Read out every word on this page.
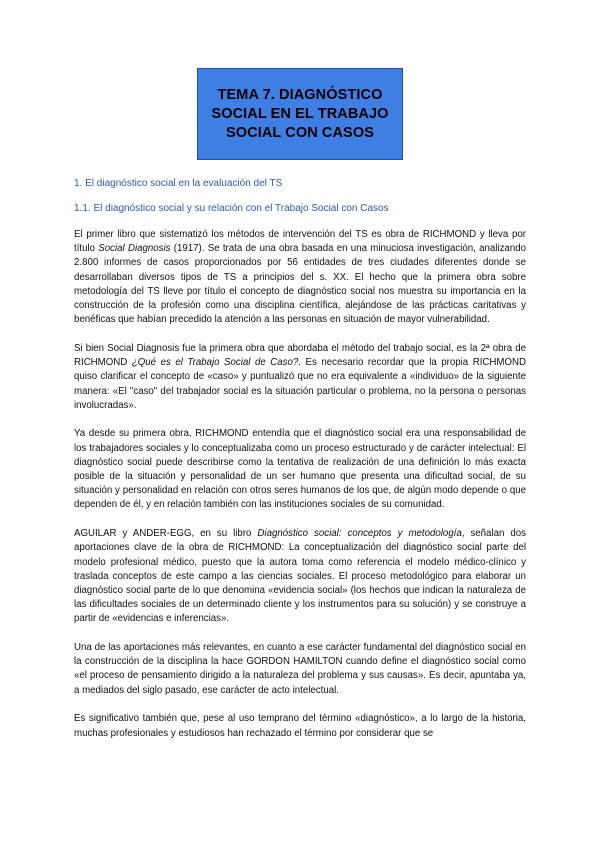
TEMA 7. DIAGNÓSTICO
SOCIAL EN EL TRABAJO
SOCIAL CON CASOS
1. El diagnóstico social en la evaluación del TS
1.1. El diagnóstico social y su relación con el Trabajo Social con Casos

El primer libro que sistematizó los métodos de intervención del TS es obra de RICHMOND y lleva por título Social Diagnosis (1917). Se trata de una obra basada en una minuciosa investigación, analizando 2.800 informes de casos proporcionados por 56 entidades de tres ciudades diferentes donde se desarrollaban diversos tipos de TS a principios del s. XX. El hecho que la primera obra sobre metodología del TS lleve por título el concepto de diagnóstico social nos muestra su importancia en la construcción de la profesión como una disciplina científica, alejándose de las prácticas caritativas y benéficas que habían precedido la atención a las personas en situación de mayor vulnerabilidad.

Si bien Social Diagnosis fue la primera obra que abordaba el método del trabajo social, es la 2ª obra de RICHMOND ¿Qué es el Trabajo Social de Caso?. Es necesario recordar que la propia RICHMOND quiso clarificar el concepto de «caso» y puntualizó que no era equivalente a «individuo» de la siguiente manera: «El "caso" del trabajador social es la situación particular o problema, no la persona o personas involucradas».

Ya desde su primera obra, RICHMOND entendía que el diagnóstico social era una responsabilidad de los trabajadores sociales y lo conceptualizaba como un proceso estructurado y de carácter intelectual: El diagnóstico social puede describirse como la tentativa de realización de una definición lo más exacta posible de la situación y personalidad de un ser humano que presenta una dificultad social, de su situación y personalidad en relación con otros seres humanos de los que, de algún modo depende o que dependen de él, y en relación también con las instituciones sociales de su comunidad.

AGUILAR y ANDER-EGG, en su libro Diagnóstico social: conceptos y metodología, señalan dos aportaciones clave de la obra de RICHMOND: La conceptualización del diagnóstico social parte del modelo profesional médico, puesto que la autora toma como referencia el modelo médico-clínico y traslada conceptos de este campo a las ciencias sociales. El proceso metodológico para elaborar un diagnóstico social parte de lo que denomina «evidencia social» (los hechos que indican la naturaleza de las dificultades sociales de un determinado cliente y los instrumentos para su solución) y se construye a partir de «evidencias e inferencias».

Una de las aportaciones más relevantes, en cuanto a ese carácter fundamental del diagnóstico social en la construcción de la disciplina la hace GORDON HAMILTON cuando define el diagnóstico social como «el proceso de pensamiento dirigido a la naturaleza del problema y sus causas». Es decir, apuntaba ya, a mediados del siglo pasado, ese carácter de acto intelectual.

Es significativo también que, pese al uso temprano del término «diagnóstico», a lo largo de la historia, muchas profesionales y estudiosos han rechazado el término por considerar que se
